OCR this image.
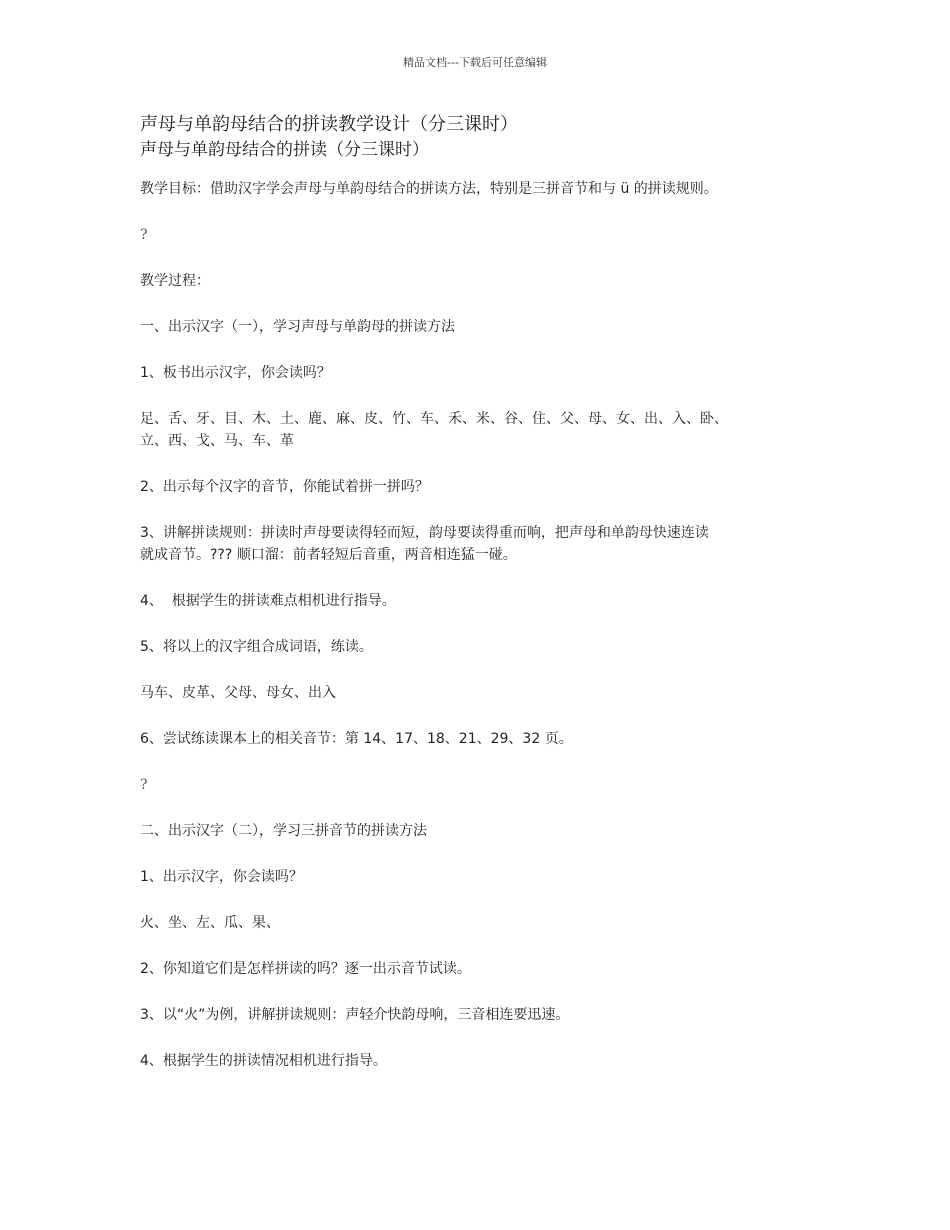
精品文档---下载后可任意编辑
声母与单韵母结合的拼读教学设计（分三课时）
声母与单韵母结合的拼读（分三课时）

教学目标：借助汉字学会声母与单韵母结合的拼读方法，特别是三拼音节和与 ü 的拼读规则。

?

教学过程：

一、出示汉字（一），学习声母与单韵母的拼读方法

1、板书出示汉字，你会读吗？

足、舌、牙、目、木、土、鹿、麻、皮、竹、车、禾、米、谷、住、父、母、女、出、入、卧、
立、西、戈、马、车、革

2、出示每个汉字的音节，你能试着拼一拼吗？

3、讲解拼读规则：拼读时声母要读得轻而短，韵母要读得重而响，把声母和单韵母快速连读
就成音节。??? 顺口溜：前者轻短后音重，两音相连猛一碰。

4、  根据学生的拼读难点相机进行指导。

5、将以上的汉字组合成词语，练读。

马车、皮革、父母、母女、出入

6、尝试练读课本上的相关音节：第 14、17、18、21、29、32 页。

?

二、出示汉字（二），学习三拼音节的拼读方法

1、出示汉字，你会读吗？

火、坐、左、瓜、果、

2、你知道它们是怎样拼读的吗？逐一出示音节试读。

3、以“火”为例，讲解拼读规则：声轻介快韵母响，三音相连要迅速。

4、根据学生的拼读情况相机进行指导。
